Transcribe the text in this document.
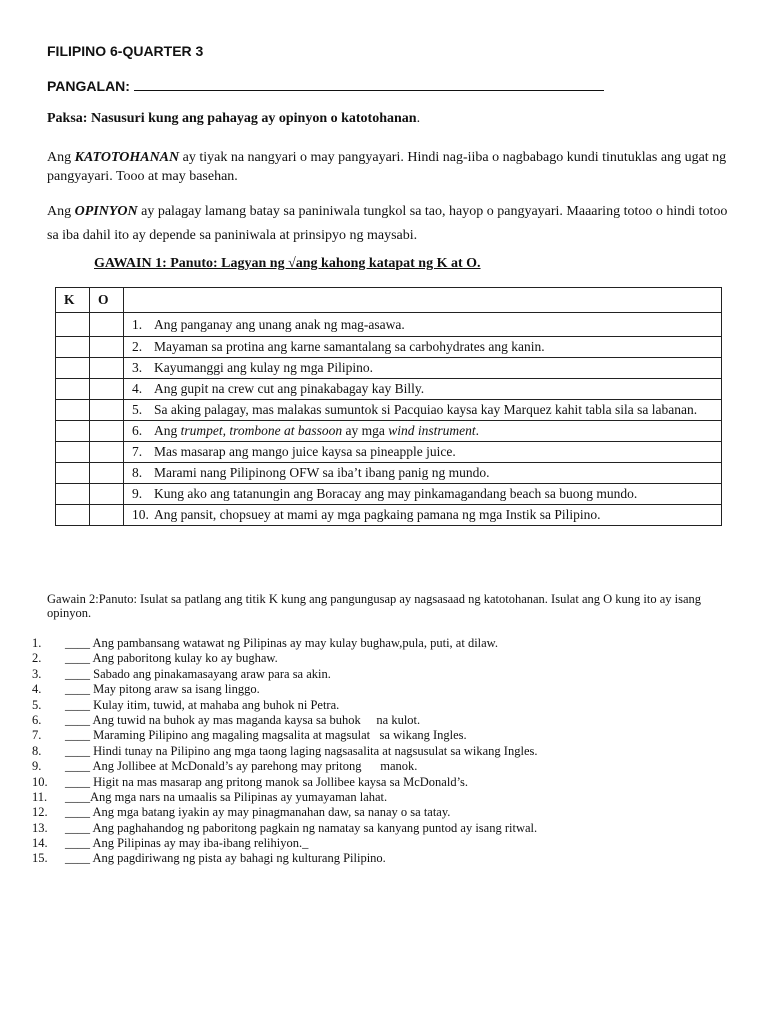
FILIPINO 6-QUARTER 3
PANGALAN:
Paksa: Nasusuri kung ang pahayag ay opinyon o katotohanan.
Ang KATOTOHANAN ay tiyak na nangyari o may pangyayari. Hindi nag-iiba o nagbabago kundi tinutuklas ang ugat ng pangyayari. Tooo at may basehan.
Ang OPINYON ay palagay lamang batay sa paniniwala tungkol sa tao, hayop o pangyayari. Maaaring totoo o hindi totoo sa iba dahil ito ay depende sa paniniwala at prinsipyo ng maysabi.
GAWAIN 1: Panuto: Lagyan ng √ang kahong katapat ng K at O.
K	O	
		1. Ang panganay ang unang anak ng mag-asawa.
		2. Mayaman sa protina ang karne samantalang sa carbohydrates ang kanin.
		3. Kayumanggi ang kulay ng mga Pilipino.
		4. Ang gupit na crew cut ang pinakabagay kay Billy.
		5. Sa aking palagay, mas malakas sumuntok si Pacquiao kaysa kay Marquez kahit tabla sila sa labanan.
		6. Ang trumpet, trombone at bassoon ay mga wind instrument.
		7. Mas masarap ang mango juice kaysa sa pineapple juice.
		8. Marami nang Pilipinong OFW sa iba’t ibang panig ng mundo.
		9. Kung ako ang tatanungin ang Boracay ang may pinkamagandang beach sa buong mundo.
		10. Ang pansit, chopsuey at mami ay mga pagkaing pamana ng mga Instik sa Pilipino.
Gawain 2:Panuto: Isulat sa patlang ang titik K kung ang pangungusap ay nagsasaad ng katotohanan. Isulat ang O kung ito ay isang opinyon.
1. ____ Ang pambansang watawat ng Pilipinas ay may kulay bughaw,pula, puti, at dilaw.
2. ____ Ang paboritong kulay ko ay bughaw.
3. ____ Sabado ang pinakamasayang araw para sa akin.
4. ____ May pitong araw sa isang linggo.
5. ____ Kulay itim, tuwid, at mahaba ang buhok ni Petra.
6. ____ Ang tuwid na buhok ay mas maganda kaysa sa buhok     na kulot.
7. ____ Maraming Pilipino ang magaling magsalita at magsulat   sa wikang Ingles.
8. ____ Hindi tunay na Pilipino ang mga taong laging nagsasalita at nagsusulat sa wikang Ingles.
9. ____ Ang Jollibee at McDonald’s ay parehong may pritong      manok.
10. ____ Higit na mas masarap ang pritong manok sa Jollibee kaysa sa McDonald’s.
11. ____Ang mga nars na umaalis sa Pilipinas ay yumayaman lahat.
12. ____ Ang mga batang iyakin ay may pinagmanahan daw, sa nanay o sa tatay.
13. ____ Ang paghahandog ng paboritong pagkain ng namatay sa kanyang puntod ay isang ritwal.
14. ____ Ang Pilipinas ay may iba-ibang relihiyon._
15. ____ Ang pagdiriwang ng pista ay bahagi ng kulturang Pilipino.
